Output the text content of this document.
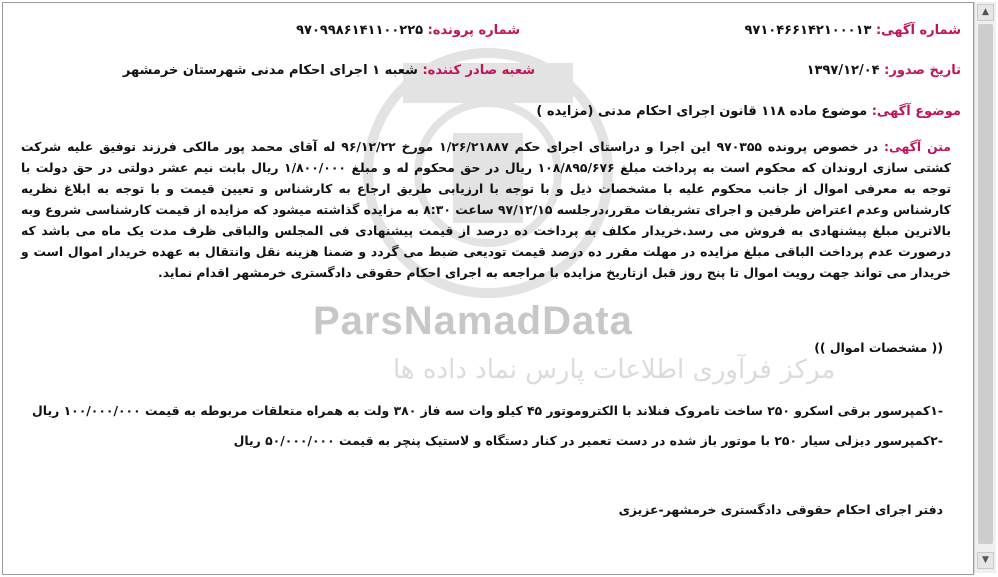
ParsNamadData
مرکز فرآوری اطلاعات پارس نماد داده ها
شماره آگهی: ۹۷۱۰۴۶۶۱۴۲۱۰۰۰۱۳
شماره پرونده: ۹۷۰۹۹۸۶۱۴۱۱۰۰۲۲۵
تاریخ صدور: ۱۳۹۷/۱۲/۰۴
شعبه صادر کننده: شعبه ۱ اجرای احکام مدنی شهرستان خرمشهر
موضوع آگهی: موضوع ماده ۱۱۸ قانون اجرای احکام مدنی (مزایده )
متن آگهی: در خصوص پرونده ۹۷۰۳۵۵ این اجرا و دراستای اجرای حکم ۱/۲۶/۲۱۸۸۷ مورخ ۹۶/۱۲/۲۲ له آقای محمد پور مالکی فرزند توفیق علیه شرکت کشتی سازی اروندان که محکوم است به پرداخت مبلغ ۱۰۸/۸۹۵/۶۷۶ ریال در حق محکوم له و مبلغ ۱/۸۰۰/۰۰۰ ریال بابت نیم عشر دولتی در حق دولت با توجه به معرفی اموال از جانب محکوم علیه با مشخصات ذیل و با توجه با ارزیابی طریق ارجاع به کارشناس و تعیین قیمت و با توجه به ابلاغ نظریه کارشناس وعدم اعتراض طرفین و اجرای تشریفات مقرر،درجلسه ۹۷/۱۲/۱۵ ساعت ۸:۳۰ به مزایده گذاشته میشود که مزایده از قیمت کارشناسی شروع وبه بالاترین مبلغ پیشنهادی به فروش می رسد.خریدار مکلف به پرداخت ده درصد از قیمت پیشنهادی فی المجلس والباقی ظرف مدت یک ماه می باشد که درصورت عدم پرداخت الباقی مبلغ مزایده در مهلت مقرر ده درصد قیمت تودیعی ضبط می گردد و ضمنا هزینه نقل وانتقال به عهده خریدار اموال است و خریدار می تواند جهت رویت اموال تا پنج روز قبل ازتاریخ مزایده با مراجعه به اجرای احکام حقوقی دادگستری خرمشهر اقدام نماید.
(( مشخصات اموال ))
-۱کمپرسور برقی اسکرو ۲۵۰ ساخت تامروک فنلاند با الکتروموتور ۴۵ کیلو وات سه فاز ۳۸۰ ولت به همراه متعلقات مربوطه به قیمت ۱۰۰/۰۰۰/۰۰۰ ریال
-۲کمپرسور دیزلی سیار ۲۵۰ با موتور باز شده در دست تعمیر در کنار دستگاه و لاستیک پنچر به قیمت ۵۰/۰۰۰/۰۰۰ ریال
دفتر اجرای احکام حقوقی دادگستری خرمشهر-عزیزی
▲
▼
